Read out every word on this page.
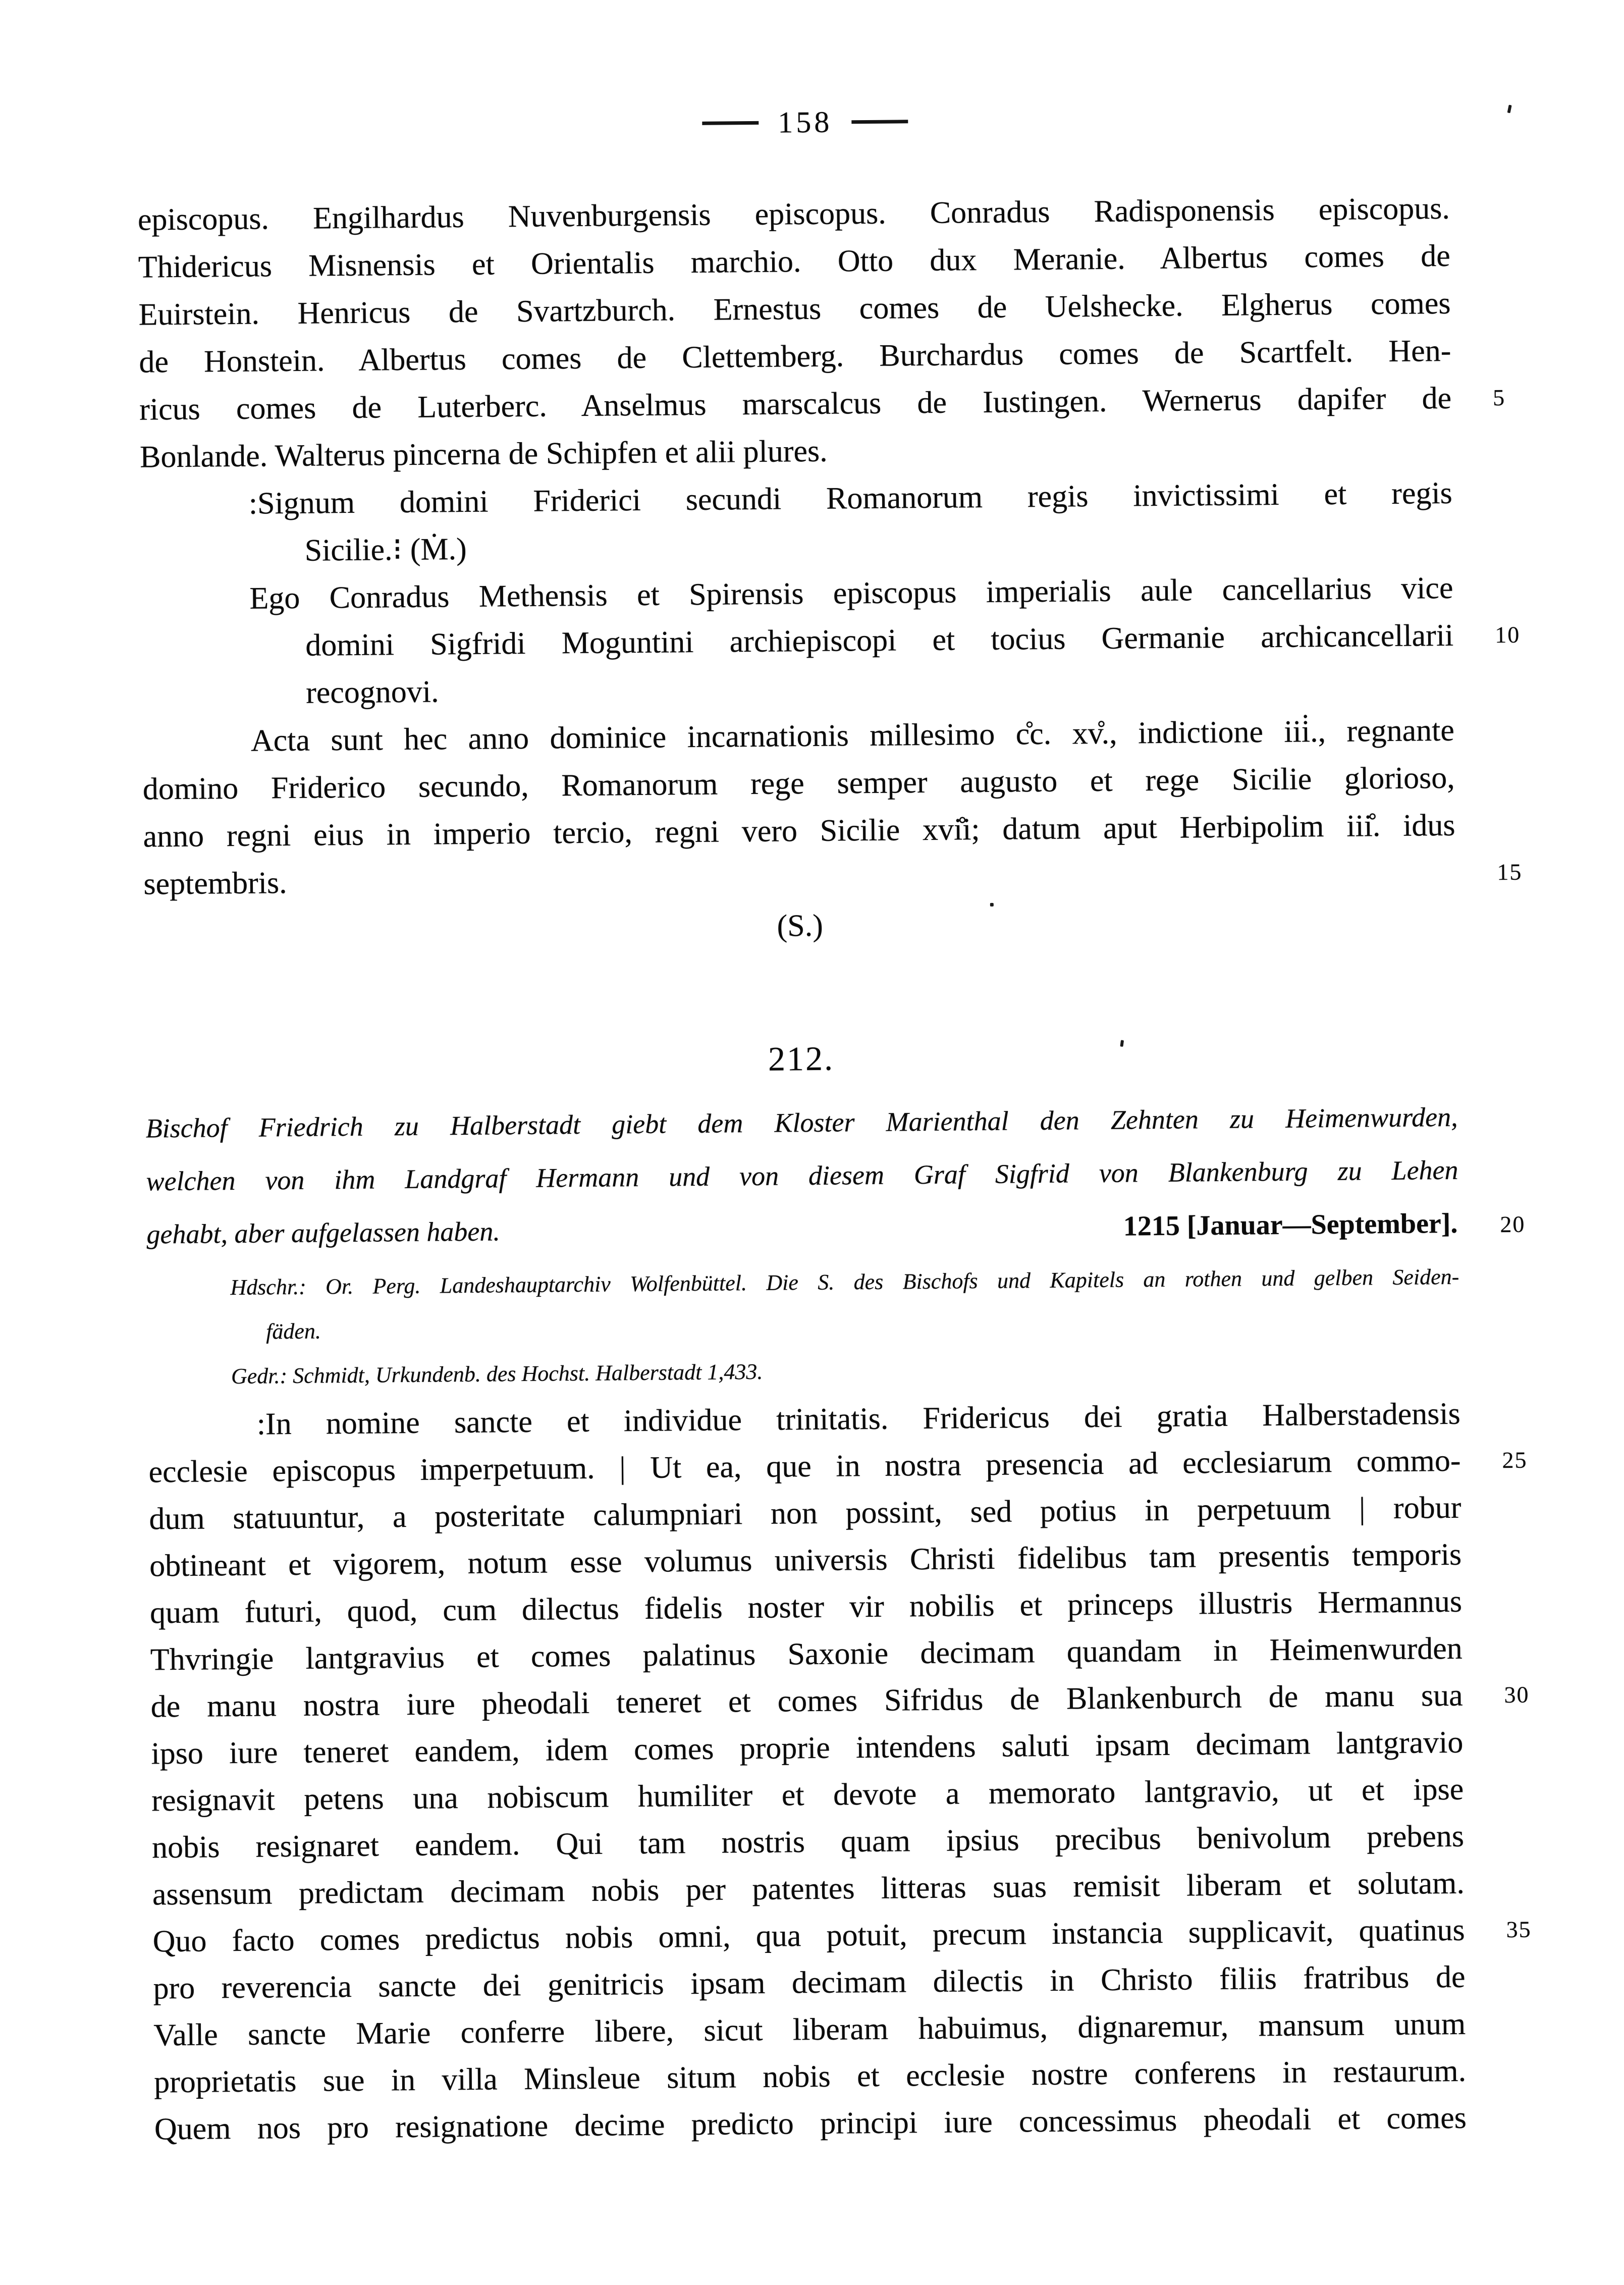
158
episcopus. Engilhardus Nuvenburgensis episcopus. Conradus Radisponensis episcopus.
Thidericus Misnensis et Orientalis marchio. Otto dux Meranie. Albertus comes de
Euirstein. Henricus de Svartzburch. Ernestus comes de Uelshecke. Elgherus comes
de Honstein. Albertus comes de Clettemberg. Burchardus comes de Scartfelt. Hen-
ricus comes de Luterberc. Anselmus marscalcus de Iustingen. Wernerus dapifer de 5
Bonlande. Walterus pincerna de Schipfen et alii plures.
:Signum domini Friderici secundi Romanorum regis invictissimi et regis
Sicilie.⁝ (Ṁ.)
Ego Conradus Methensis et Spirensis episcopus imperialis aule cancellarius vice
domini Sigfridi Moguntini archiepiscopi et tocius Germanie archicancellarii 10
recognovi.
Acta sunt hec anno dominice incarnationis millesimo c̊c. xv̊., indictione iii̇., regnante
domino Friderico secundo, Romanorum rege semper augusto et rege Sicilie glorioso,
anno regni eius in imperio tercio, regni vero Sicilie xvi̊i; datum aput Herbipolim iii̊. idus
septembris.	15
(S.)
212.
Bischof Friedrich zu Halberstadt giebt dem Kloster Marienthal den Zehnten zu Heimenwurden,
welchen von ihm Landgraf Hermann und von diesem Graf Sigfrid von Blankenburg zu Lehen
gehabt, aber aufgelassen haben.	1215 [Januar—September]. 20
Hdschr.: Or. Perg. Landeshauptarchiv Wolfenbüttel. Die S. des Bischofs und Kapitels an rothen und gelben Seiden-
fäden.
Gedr.: Schmidt, Urkundenb. des Hochst. Halberstadt 1,433.
:In nomine sancte et individue trinitatis. Fridericus dei gratia Halberstadensis
ecclesie episcopus imperpetuum. | Ut ea, que in nostra presencia ad ecclesiarum commo- 25
dum statuuntur, a posteritate calumpniari non possint, sed potius in perpetuum | robur
obtineant et vigorem, notum esse volumus universis Christi fidelibus tam presentis temporis
quam futuri, quod, cum dilectus fidelis noster vir nobilis et princeps illustris Hermannus
Thvringie lantgravius et comes palatinus Saxonie decimam quandam in Heimenwurden
de manu nostra iure pheodali teneret et comes Sifridus de Blankenburch de manu sua 30
ipso iure teneret eandem, idem comes proprie intendens saluti ipsam decimam lantgravio
resignavit petens una nobiscum humiliter et devote a memorato lantgravio, ut et ipse
nobis resignaret eandem. Qui tam nostris quam ipsius precibus benivolum prebens
assensum predictam decimam nobis per patentes litteras suas remisit liberam et solutam.
Quo facto comes predictus nobis omni, qua potuit, precum instancia supplicavit, quatinus 35
pro reverencia sancte dei genitricis ipsam decimam dilectis in Christo filiis fratribus de
Valle sancte Marie conferre libere, sicut liberam habuimus, dignaremur, mansum unum
proprietatis sue in villa Minsleue situm nobis et ecclesie nostre conferens in restaurum.
Quem nos pro resignatione decime predicto principi iure concessimus pheodali et comes
